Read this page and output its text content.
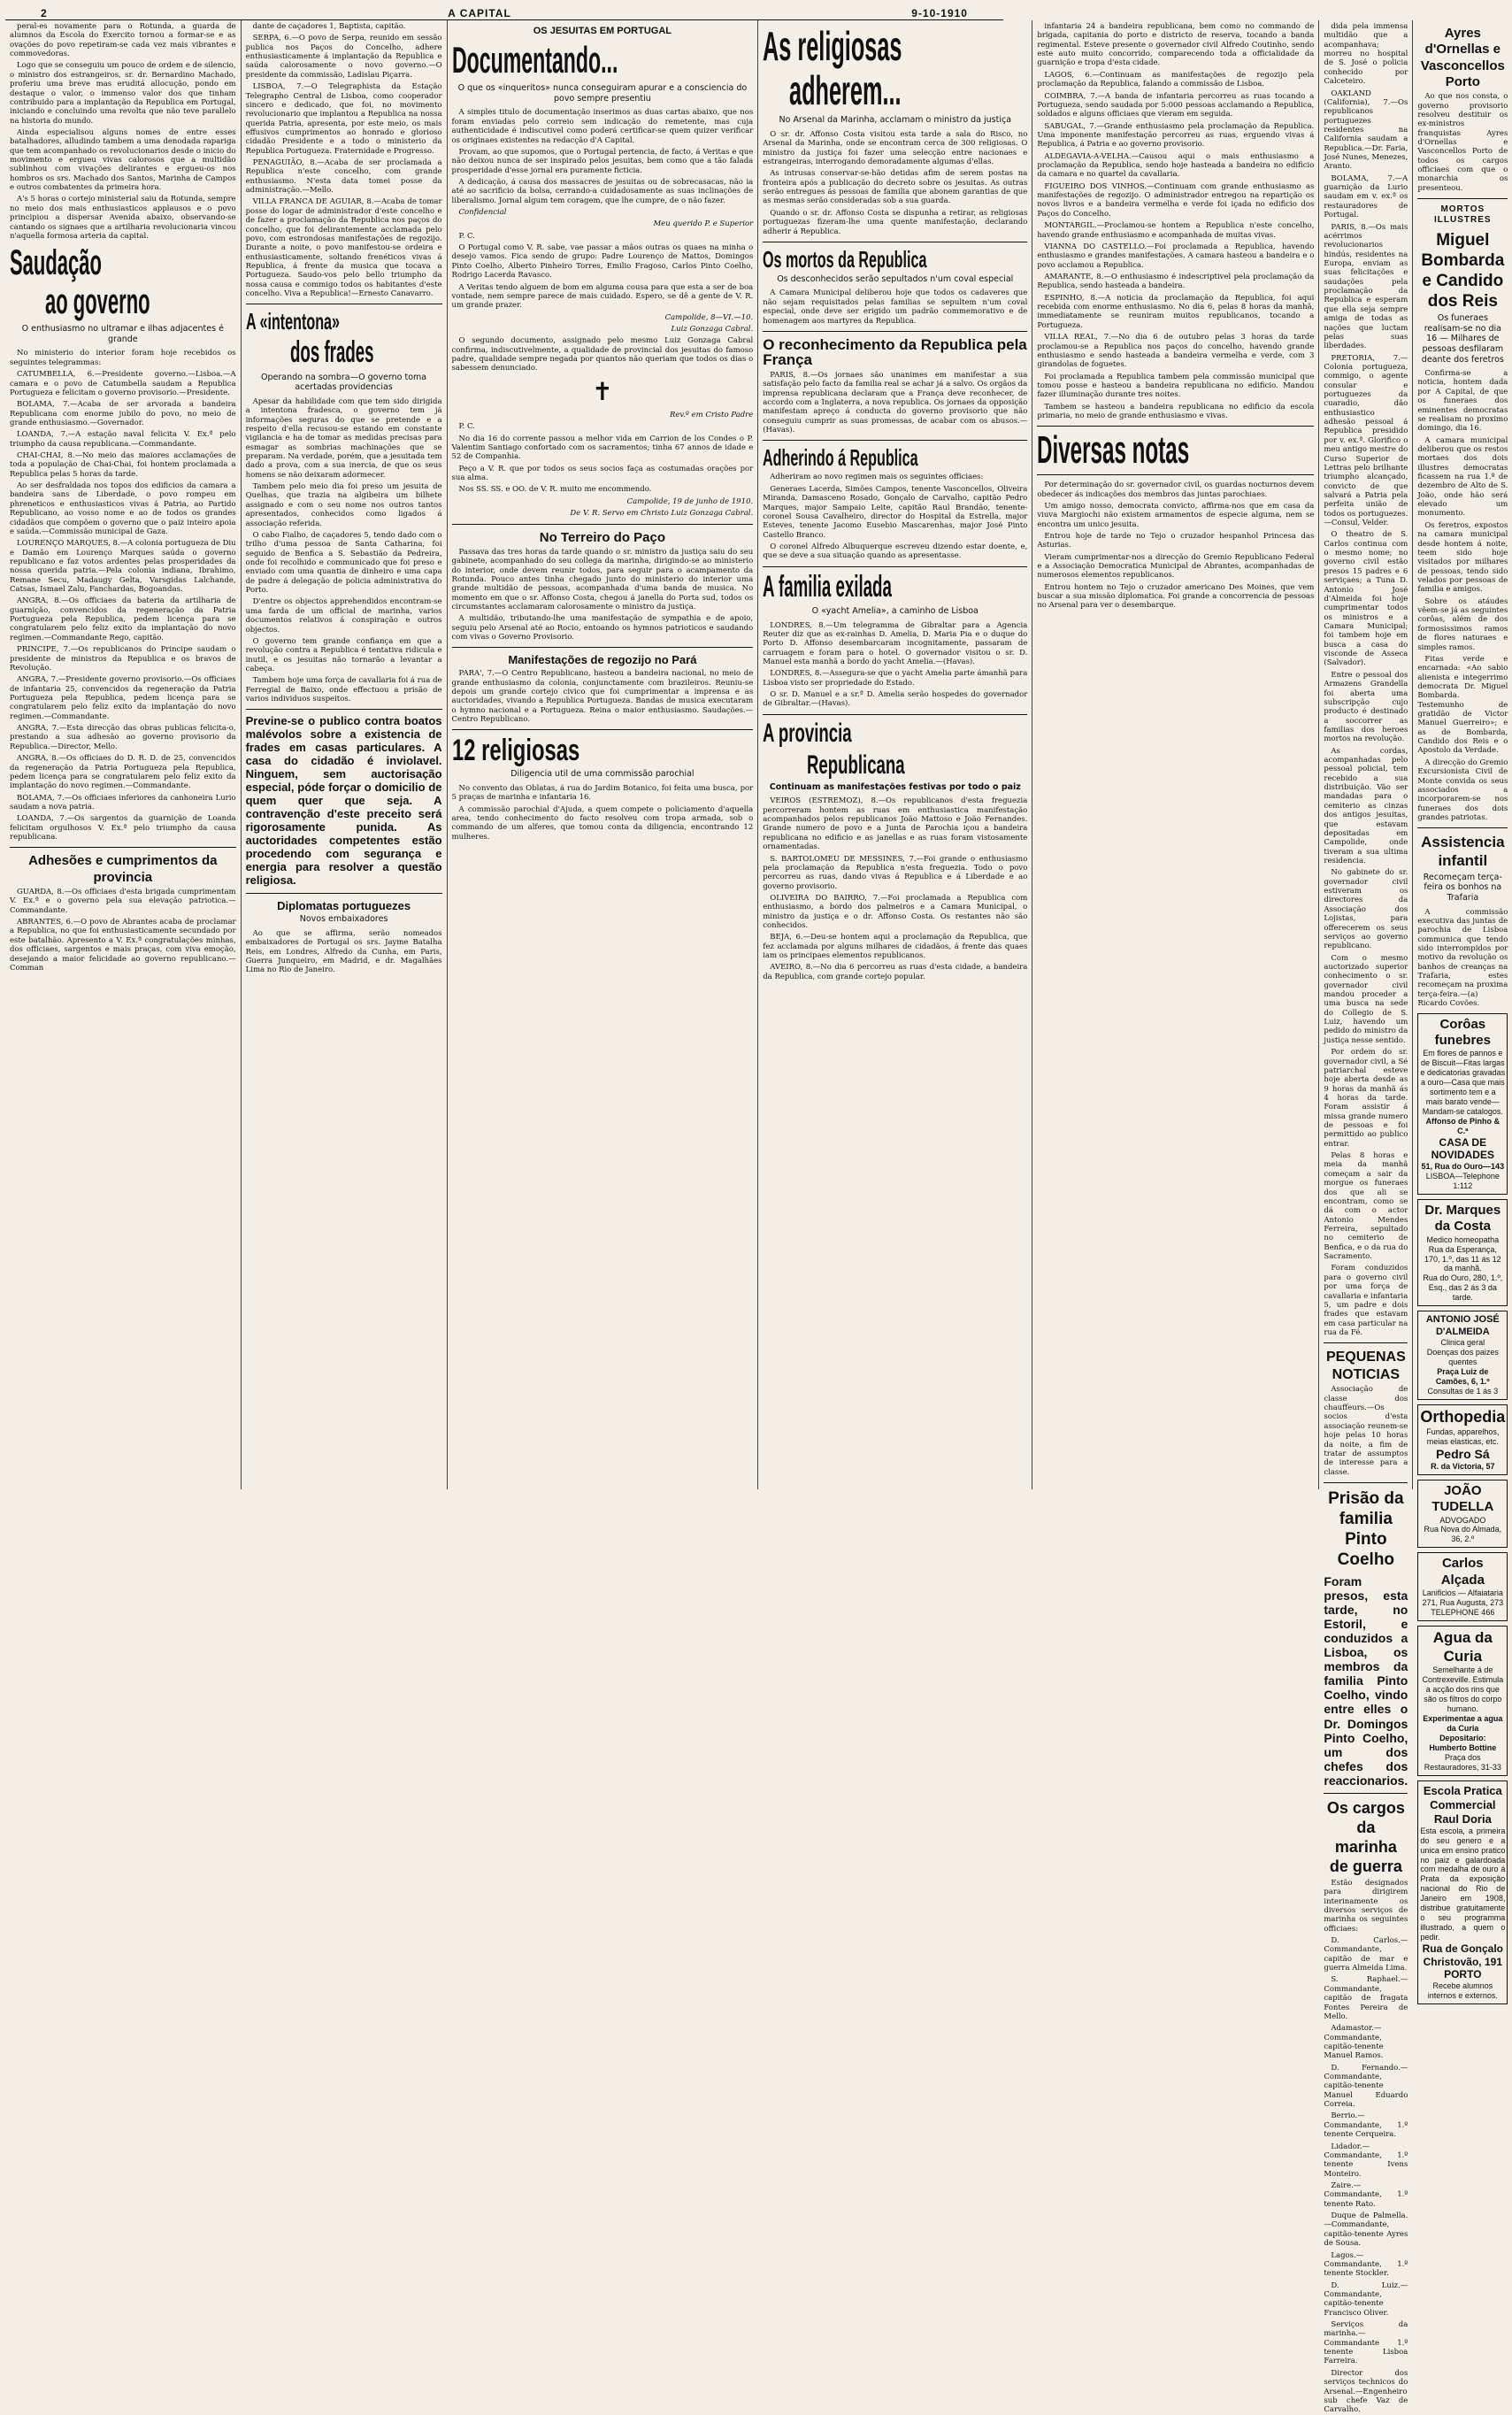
2	A CAPITAL	9-10-1910

peral-es novamente para o Rotunda, a guarda de alumnos da Escola do Exercito tornou a formar-se e as ovações do povo repetiram-se cada vez mais vibrantes e commovedoras.

Logo que se conseguiu um pouco de ordem e de silencio, o ministro dos estrangeiros, sr. dr. Bernardino Machado, proferiu uma breve mas eruditá allocução, pondo em destaque o valor, o immenso valor dos que tinham contribuido para a implantação da Republica em Portugal, iniciando e concluindo uma revolta que não teve parallelo na historia do mundo.

Ainda especialisou alguns nomes de entre esses batalhadores, alludindo tambem a uma denodada rapariga que tem acompanhado os revolucionarios desde o inicio do movimento e ergueu vivas calorosos que a multidão sublinhou com vivações delirantes e ergueu-os nos hombros os srs. Machado dos Santos, Marinha de Campos e outros combatentes da primeira hora.

A's 5 horas o cortejo ministerial saiu da Rotunda, sempre no meio dos mais enthusiasticos applausos e o povo principiou a dispersar Avenida abaixo, observando-se cantando os signaes que a artilharia revolucionaria vincou n'aquella formosa arteria da capital.

Saudação
ao governo
O enthusiasmo no ultramar e ilhas adjacentes é grande

No ministerio do interior foram hoje recebidos os seguintes telegrammas:

CATUMBELLA, 6.—Presidente governo.—Lisboa.—A camara e o povo de Catumbella saudam a Republica Portugueza e felicitam o governo provisorio.—Presidente.

BOLAMA, 7.—Acaba de ser arvorada a bandeira Republicana com enorme jubilo do povo, no meio de grande enthusiasmo.—Governador.

LOANDA, 7.—A estação naval felicita V. Ex.ª pelo triumpho da causa republicana.—Commandante.

CHAI-CHAI, 8.—No meio das maiores acclamações de toda a população de Chai-Chai, foi hontem proclamada a Republica pelas 5 horas da tarde.

Ao ser desfraldada nos topos dos edificios da camara a bandeira sans de Liberdade, o povo rompeu em phreneticos e enthusiasticos vivas á Patria, ao Partido Republicano, ao vosso nome e ao de todos os grandes cidadãos que compõem o governo que o paiz inteiro apoia e saúda.—Commissão municipal de Gaza.

LOURENÇO MARQUES, 8.—A colonia portugueza de Diu e Damão em Lourenço Marques saúda o governo republicano e faz votos ardentes pelas prosperidades da nossa querida patria.—Pela colonia indiana, Ibrahimo, Remane Secu, Madaugy Gelta, Varsgidas Lalchande, Catsas, Ismael Zalu, Fanchardas, Bogoandas.

ANGRA, 8.—Os officiaes da bateria da artilharia de guarnição, convencidos da regeneração da Patria Portugueza pela Republica, pedem licença para se congratularem pelo feliz exito da implantação do novo regimen.—Commandante Rego, capitão.

PRINCIPE, 7.—Os republicanos do Principe saudam o presidente de ministros da Republica e os bravos de Revolução.

ANGRA, 7.—Presidente governo provisorio.—Os officiaes de infantaria 25, convencidos da regeneração da Patria Portugueza pela Republica, pedem licença para se congratularem pelo feliz exito da implantação do novo regimen.—Commandante.

ANGRA, 7.—Esta direcção das obras publicas felicita-o, prestando a sua adhesão ao governo provisorio da Republica.—Director, Mello.

ANGRA, 8.—Os officiaes do D. R. D. de 25, convencidos da regeneração da Patria Portugueza pela Republica, pedem licença para se congratularem pelo feliz exito da implantação do novo regimen.—Commandante.

BOLAMA, 7.—Os officiaes inferiores da canhoneira Lurio saudam a nova patria.

LOANDA, 7.—Os sargentos da guarnição de Loanda felicitam orgulhosos V. Ex.ª pelo triumpho da causa republicana.

Adhesões e cumprimentos da provincia

GUARDA, 8.—Os officiaes d'esta brigada cumprimentam V. Ex.ª e o governo pela sua elevação patriotica.—Commandante.

ABRANTES, 6.—O povo de Abrantes acaba de proclamar a Republica, no que foi enthusiasticamente secundado por este batalhão. Apresento a V. Ex.ª congratulações minhas, dos officiaes, sargentos e mais praças, com viva emoção, desejando a maior felicidade ao governo republicano.—Comman

dante de caçadores 1, Baptista, capitão.

SERPA, 6.—O povo de Serpa, reunido em sessão publica nos Paços do Concelho, adhere enthusiasticamente á implantação da Republica e saúda calorosamente o novo governo.—O presidente da commissão, Ladislau Piçarra.

LISBOA, 7.—O Telegraphista da Estação Telegrapho Central de Lisboa, como cooperador sincero e dedicado, que foi, no movimento revolucionario que implantou a Republica na nossa querida Patria, apresenta, por este meio, os mais effusivos cumprimentos ao honrado e glorioso cidadão Presidente e a todo o ministerio da Republica Portugueza. Fraternidade e Progresso.

PENAGUIÃO, 8.—Acaba de ser proclamada a Republica n'este concelho, com grande enthusiasmo. N'esta data tomei posse da administração.—Mello.

VILLA FRANCA DE AGUIAR, 8.—Acaba de tomar posse do logar de administrador d'este concelho e de fazer a proclamação da Republica nos paços do concelho, que foi delirantemente acclamada pelo povo, com estrondosas manifestações de regozijo. Durante a noite, o povo manifestou-se ordeira e enthusiasticamente, soltando frenéticos vivas á Republica, á frente da musica que tocava a Portugueza. Saudo-vos pelo bello triumpho da nossa causa e commigo todos os habitantes d'este concelho. Viva a Republica!—Ernesto Canavarro.

A «intentona»
dos frades
Operando na sombra—O governo toma acertadas providencias

Apesar da habilidade com que tem sido dirigida a intentona fradesca, o governo tem já informações seguras do que se pretende e a respeito d'ella recusou-se estando em constante vigilancia e ha de tomar as medidas precisas para esmagar as sombrias machinações que se preparam. Na verdade, porém, que a jesuitada tem dado a prova, com a sua inercia, de que os seus homens se não deixaram adormecer.

Tambem pelo meio dia foi preso um jesuita de Quelhas, que trazia na algibeira um bilhete assignado e com o seu nome nos outros tantos apresentados, conhecidos como ligados á associação referida.

O cabo Fialho, de caçadores 5, tendo dado com o trilho d'uma pessoa de Santa Catharina, foi seguido de Benfica a S. Sebastião da Pedreira, onde foi recolhido e communicado que foi preso e enviado com uma quantia de dinheiro e uma capa de padre á delegação de policia administrativa do Porto.

D'entre os objectos apprehendidos encontram-se uma farda de um official de marinha, varios documentos relativos á conspiração e outros objectos.

O governo tem grande confiança em que a revolução contra a Republica é tentativa ridicula e inutil, e os jesuitas não tornarão a levantar a cabeça.

Tambem hoje uma força de cavallaria foi á rua de Ferregial de Baixo, onde effectuou a prisão de varios individuos suspeitos.

Previne-se o publico contra boatos malévolos sobre a existencia de frades em casas particulares. A casa do cidadão é inviolavel. Ninguem, sem auctorisação especial, póde forçar o domicilio de quem quer que seja. A contravenção d'este preceito será rigorosamente punida. As auctoridades competentes estão procedendo com segurança e energia para resolver a questão religiosa.
Diplomatas portuguezes
Novos embaixadores

Ao que se affirma, serão nomeados embaixadores de Portugal os srs. Jayme Batalha Reis, em Londres, Alfredo da Cunha, em Paris, Guerra Junqueiro, em Madrid, e dr. Magalhães Lima no Rio de Janeiro.

OS JESUITAS EM PORTUGAL
Documentando...
O que os «inqueritos» nunca conseguiram apurar e a consciencia do povo sempre presentiu

A simples titulo de documentação inserimos as duas cartas abaixo, que nos foram enviadas pelo correio sem indicação do remetente, mas cuja authenticidade é indiscutivel como poderá certificar-se quem quizer verificar os originaes existentes na redacção d'A Capital.

Provam, ao que supomos, que o Portugal pertencia, de facto, á Veritas e que não deixou nunca de ser inspirado pelos jesuitas, bem como que a tão falada prosperidade d'esse jornal era puramente ficticia.

A dedicação, á causa dos massacres de jesuitas ou de sobrecasacas, não ia até ao sacrificio da bolsa, cerrando-a cuidadosamente as suas inclinações de liberalismo. Jornal algum tem coragem, que lhe cumpre, de o não fazer.

Confidencial

Meu querido P. e Superior

P. C.

O Portugal como V. R. sabe, vae passar a mãos outras os quaes na minha o desejo vamos. Fica sendo de grupo: Padre Lourenço de Mattos, Domingos Pinto Coelho, Alberto Pinheiro Torres, Emilio Fragoso, Carlos Pinto Coelho, Rodrigo Lacerda Ravasco.

A Veritas tendo alguem de bom em alguma cousa para que esta a ser de boa vontade, nem sempre parece de mais cuidado. Espero, se dê a gente de V. R. um grande prazer.

Campolide, 8—VI.—10.

Luiz Gonzaga Cabral.

O segundo documento, assignado pelo mesmo Luiz Gonzaga Cabral confirma, indiscutivelmente, a qualidade de provincial dos jesuitas do famoso padre, qualidade sempre negada por quantos não queriam que todos os dias o sabessem denunciado.

✝

Rev.º em Cristo Padre

P. C.

No dia 16 do corrente passou a melhor vida em Carrion de los Condes o P. Valentim Santiago confortado com os sacramentos; tinha 67 annos de idade e 52 de Companhia.

Peço a V. R. que por todos os seus socios faça as costumadas orações por sua alma.

Nos SS. SS. e OO. de V. R. muito me encommendo.

Campolide, 19 de junho de 1910.

De V. R. Servo em Christo Luiz Gonzaga Cabral.

No Terreiro do Paço

Passava das tres horas da tarde quando o sr. ministro da justiça saiu do seu gabinete, acompanhado do seu collega da marinha, dirigindo-se ao ministerio do interior, onde devem reunir todos, para seguir para o acampamento da Rotunda. Pouco antes tinha chegado junto do ministerio do interior uma grande multidão de pessoas, acompanhada d'uma banda de musica. No momento em que o sr. Affonso Costa, chegou á janella do Porta sud, todos os circumstantes acclamaram calorosamente o ministro da justiça.

A multidão, tributando-lhe uma manifestação de sympathia e de apoio, seguiu pelo Arsenal até ao Rocio, entoando os hymnos patrioticos e saudando com vivas o Governo Provisorio.

Manifestações de regozijo no Pará

PARA', 7.—O Centro Republicano, hasteou a bandeira nacional, no meio de grande enthusiasmo da colonia, conjunctamente com brazileiros. Reuniu-se depois um grande cortejo civico que foi cumprimentar a imprensa e as auctoridades, vivando a Republica Portugueza. Bandas de musica executaram o hymno nacional e a Portugueza. Reina o maior enthusiasmo. Saudações.—Centro Republicano.

12 religiosas
Diligencia util de uma commissão parochial

No convento das Oblatas, á rua do Jardim Botanico, foi feita uma busca, por 5 praças de marinha e infantaria 16.

A commissão parochial d'Ajuda, a quem compete o policiamento d'aquella area, tendo conhecimento do facto resolveu com tropa armada, sob o commando de um alferes, que tomou conta da diligencia, encontrando 12 mulheres.

As religiosas
adherem...
No Arsenal da Marinha, acclamam o ministro da justiça

O sr. dr. Affonso Costa visitou esta tarde a sala do Risco, no Arsenal da Marinha, onde se encontram cerca de 300 religiosas. O ministro da justiça foi fazer uma selecção entre nacionaes e estrangeiras, interrogando demoradamente algumas d'ellas.

As intrusas conservar-se-hão detidas afim de serem postas na fronteira após a publicação do decreto sobre os jesuitas. As outras serão entregues ás pessoas de familia que abonem garantias de que as mesmas serão consideradas sob a sua guarda.

Quando o sr. dr. Affonso Costa se dispunha a retirar, as religiosas portuguezas fizeram-lhe uma quente manifestação, declarando adherir á Republica.

Os mortos da Republica
Os desconhecidos serão sepultados n'um coval especial

A Camara Municipal deliberou hoje que todos os cadaveres que não sejam requisitados pelas familias se sepultem n'um coval especial, onde deve ser erigido um padrão commemorativo e de homenagem aos martyres da Republica.

O reconhecimento da Republica pela França

PARIS, 8.—Os jornaes são unanimes em manifestar a sua satisfação pelo facto da familia real se achar já a salvo. Os orgãos da imprensa republicana declaram que a França deve reconhecer, de accordo com a Inglaterra, a nova republica. Os jornaes da opposição manifestam apreço á conducta do governo provisorio que não conseguiu cumprir as suas promessas, de acabar com os abusos.—(Havas).

Adherindo á Republica

Adheriram ao novo regimen mais os seguintes officiaes:

Generaes Lacerda, Simões Campos, tenente Vasconcellos, Oliveira Miranda, Damasceno Rosado, Gonçalo de Carvalho, capitão Pedro Marques, major Sampaio Leite, capitão Raul Brandão, tenente-coronel Sousa Cavalheiro, director do Hospital da Estrella, major Esteves, tenente Jacomo Eusebio Mascarenhas, major José Pinto Castello Branco.

O coronel Alfredo Albuquerque escreveu dizendo estar doente, e, que se deve a sua situação quando as apresentasse.

A familia exilada
O «yacht Amelia», a caminho de Lisboa

LONDRES, 8.—Um telegramma de Gibraltar para a Agencia Reuter diz que as ex-rainhas D. Amelia, D. Maria Pia e o duque do Porto D. Affonso desembarcaram incognitamente, passaram de carruagem e foram para o hotel. O governador visitou o sr. D. Manuel esta manhã a bordo do yacht Amelia.—(Havas).

LONDRES, 8.—Assegura-se que o yacht Amelia parte ámanhã para Lisboa visto ser propriedade do Estado.

O sr. D. Manuel e a sr.ª D. Amelia serão hospedes do governador de Gibraltar.—(Havas).

A provincia
Republicana
Continuam as manifestações festivas por todo o paiz

VEIROS (ESTREMOZ), 8.—Os republicanos d'esta freguezia percorreram hontem as ruas em enthusiastica manifestação acompanhados pelos republicanos João Mattoso e João Fernandes. Grande numero de povo e a Junta de Parochia içou a bandeira republicana no edificio e as janellas e as ruas foram vistosamente ornamentadas.

S. BARTOLOMEU DE MESSINES, 7.—Foi grande o enthusiasmo pela proclamação da Republica n'esta freguezia. Todo o povo percorreu as ruas, dando vivas á Republica e á Liberdade e ao governo provisorio.

OLIVEIRA DO BAIRRO, 7.—Foi proclamada a Republica com enthusiasmo, a bordo dos palmeiros e a Camara Municipal, o ministro da justiça e o dr. Affonso Costa. Os restantes não são conhecidos.

BEJA, 6.—Deu-se hontem aqui a proclamação da Republica, que fez acclamada por alguns milhares de cidadãos, á frente das quaes iam os principaes elementos republicanos.

AVEIRO, 8.—No dia 6 percorreu as ruas d'esta cidade, a bandeira da Republica, com grande cortejo popular.

infantaria 24 a bandeira republicana, bem como no commando de brigada, capitania do porto e districto de reserva, tocando a banda regimental. Esteve presente o governador civil Alfredo Coutinho, sendo este auto muito concorrido, comparecendo toda a officialidade da guarnição e tropa d'esta cidade.

LAGOS, 6.—Continuam as manifestações de regozijo pela proclamação da Republica, falando a commissão de Lisboa.

COIMBRA, 7.—A banda de infantaria percorreu as ruas tocando a Portugueza, sendo saudada por 5:000 pessoas acclamando a Republica, soldados e alguns officiaes que vieram em seguida.

SABUGAL, 7.—Grande enthusiasmo pela proclamação da Republica. Uma imponente manifestação percorreu as ruas, erguendo vivas á Republica, á Patria e ao governo provisorio.

ALDEGAVIA-A-VELHA.—Causou aqui o mais enthusiasmo a proclamação da Republica, sendo hoje hasteada a bandeira no edificio da camara e no quartel da cavallaria.

FIGUEIRO DOS VINHOS.—Continuam com grande enthusiasmo as manifestações de regozijo. O administrador entregou na repartição os novos livros e a bandeira vermelha e verde foi içada no edificio dos Paços do Concelho.

MONTARGIL.—Proclamou-se hontem a Republica n'este concelho, havendo grande enthusiasmo e acompanhada de muitas vivas.

VIANNA DO CASTELLO.—Foi proclamada a Republica, havendo enthusiasmo e grandes manifestações. A camara hasteou a bandeira e o povo acclamou a Republica.

AMARANTE, 8.—O enthusiasmo é indescriptivel pela proclamação da Republica, sendo hasteada a bandeira.

ESPINHO, 8.—A noticia da proclamação da Republica, foi aqui recebida com enorme enthusiasmo. No dia 6, pelas 8 horas da manhã, immediatamente se reuniram muitos republicanos, tocando a Portugueza.

VILLA REAL, 7.—No dia 6 de outubro pelas 3 horas da tarde proclamou-se a Republica nos paços do concelho, havendo grande enthusiasmo e sendo hasteada a bandeira vermelha e verde, com 3 girandolas de foguetes.

Foi proclamada a Republica tambem pela commissão municipal que tomou posse e hasteou a bandeira republicana no edificio. Mandou fazer illuminação durante tres noites.

Tambem se hasteou a bandeira republicana no edificio da escola primaria, no meio de grande enthusiasmo e vivas.

Diversas notas

Por determinação do sr. governador civil, os guardas nocturnos devem obedecer ás indicações dos membros das juntas parochiaes.

Um amigo nosso, democrata convicto, affirma-nos que em casa da viuva Margiochi não existem armamentos de especie alguma, nem se encontra um unico jesuita.

Entrou hoje de tarde no Tejo o cruzador hespanhol Princesa das Asturias.

Vieram cumprimentar-nos a direcção do Gremio Republicano Federal e a Associação Democratica Municipal de Abrantes, acompanhadas de numerosos elementos republicanos.

Entrou hontem no Tejo o cruzador americano Des Moines, que vem buscar a sua missão diplomatica. Foi grande a concorrencia de pessoas no Arsenal para ver o desembarque.

dida pela immensa multidão que a acompanhava; morreu no hospital de S. José o policia conhecido por Calceteiro.

OAKLAND (California), 7.—Os republicanos portuguezes residentes na California saudam a Republica.—Dr. Faria, José Nunes, Menezes, Aranto.

BOLAMA, 7.—A guarnição da Lurio saudam em v. ex.ª os restauradores de Portugal.

PARIS, 8.—Os mais acérrimos revolucionarios hindús, residentes na Europa, enviam as suas felicitações e saudações pela proclamação da Republica e esperam que ella seja sempre amiga de todas as nações que luctam pelas suas liberdades.

PRETORIA, 7.—Colonia portugueza, commigo, o agente consular e portuguezes da cuaradio, dão enthusiastico adhesão pessoal á Republica presidido por v. ex.ª. Glorifico o meu antigo mestre do Curso Superior de Lettras pelo brilhante triumpho alcançado, convicto de que salvará a Patria pela perfeita união de todos os portuguezes.—Consul, Velder.

O theatro de S. Carlos continua com o mesmo nome; no governo civil estão presos 15 padres e 6 serviçaes; a Tuna D. Antonio José d'Almeida foi hoje cumprimentar todos os ministros e a Camara Municipal; foi tambem hoje em busca a casa do visconde de Asseca (Salvador).

Entre o pessoal dos Armazens Grandella foi aberta uma subscripção cujo producto é destinado a soccorrer as familias dos heroes mortos na revolução.

As cordas, acompanhadas pelo pessoal policial, tem recebido a sua distribuição. Vão ser mandadas para o cemiterio as cinzas dos antigos jesuitas, que estavam depositadas em Campolide, onde tiveram a sua ultima residencia.

No gabinete do sr. governador civil estiveram os directores da Associação dos Lojistas, para offerecerem os seus serviços ao governo republicano.

Com o mesmo auctorizado superior conhecimento o sr. governador civil mandou proceder a uma busca na sede do Collegio de S. Luiz, havendo um pedido do ministro da justiça nesse sentido.

Por ordem do sr. governador civil, a Sé patriarchal esteve hoje aberta desde as 9 horas da manhã ás 4 horas da tarde. Foram assistir á missa grande numero de pessoas e foi permittido ao publico entrar.

Pelas 8 horas e meia da manhã começam a sair da morgue os funeraes dos que ali se encontram, como se dá com o actor Antonio Mendes Ferreira, sepultado no cemiterio de Benfica, e o da rua do Sacramento.

Foram conduzidos para o governo civil por uma força de cavallaria e infantaria 5, um padre e dois frades que estavam em casa particular na rua da Fé.

PEQUENAS NOTICIAS

Associação de classe dos chauffeurs.—Os socios d'esta associação reunem-se hoje pelas 10 horas da noite, a fim de tratar de assumptos de interesse para a classe.

Prisão da familia Pinto Coelho
Foram presos, esta tarde, no Estoril, e conduzidos a Lisboa, os membros da familia Pinto Coelho, vindo entre elles o Dr. Domingos Pinto Coelho, um dos chefes dos reaccionarios.
Os cargos da marinha de guerra

Estão designados para dirigirem interinamente os diversos serviços de marinha os seguintes officiaes:

D. Carlos.—Commandante, capitão de mar e guerra Almeida Lima.

S. Raphael.—Commandante, capitão de fragata Fontes Pereira de Mello.

Adamastor.—Commandante, capitão-tenente Manuel Ramos.

D. Fernando.—Commandante, capitão-tenente Manuel Eduardo Correia.

Berrio.—Commandante, 1.º tenente Cerqueira.

Lidador.—Commandante, 1.º tenente Ivens Monteiro.

Zaire.—Commandante, 1.º tenente Rato.

Duque de Palmella.—Commandante, capitão-tenente Ayres de Sousa.

Lagos.—Commandante, 1.º tenente Stockler.

D. Luiz.—Commandante, capitão-tenente Francisco Oliver.

Serviços da marinha.—Commandante 1.º tenente Lisboa Farreira.

Director dos serviços technicos do Arsenal.—Engenheiro sub chefe Vaz de Carvalho.

Ayres d'Ornellas e Vasconcellos Porto

Ao que nos consta, o governo provisorio resolveu destituir os ex-ministros franquistas Ayres d'Ornellas e Vasconcellos Porto de todos os cargos officiaes com que o monarchia os presenteou.

MORTOS ILLUSTRES
Miguel Bombarda e Candido dos Reis
Os funeraes realisam-se no dia 16 — Milhares de pessoas desfilaram deante dos feretros

Confirma-se a noticia, hontem dada por A Capital, de que os funeraes dos eminentes democratas se realisam no proximo domingo, dia 16.

A camara municipal deliberou que os restos mortaes dos dois illustres democratas ficassem na rua 1.º de dezembro de Alto de S. João, onde hão será elevado um monumento.

Os feretros, expostos na camara municipal desde hontem á noite, teem sido hoje visitados por milhares de pessoas, tendo sido velados por pessoas de familia e amigos.

Sobre os atáudes vêem-se já as seguintes corôas, além de dos formosissimos ramos de flores naturaes e simples ramos.

Fitas verde e encarnada: «Ao sabio alienista e integerrimo democrata Dr. Miguel Bombarda. Testemunho de gratidão de Victor Manuel Guerreiro»; e as de Bombarda, Candido dos Reis e o Apostolo da Verdade.

A direcção do Gremio Excursionista Civil de Monte convida os seus associados a incorporarem-se nos funeraes dos dois grandes patriotas.

Assistencia infantil
Recomeçam terça-feira os bonhos na Trafaria

A commissão executiva das juntas de parochia de Lisboa communica que tendo sido interrompidos por motivo da revolução os banhos de creanças na Trafaria, estes recomeçam na proxima terça-feira.—(a) Ricardo Covões.

Corôas funebres
Em flores de pannos e de Biscuit—Fitas largas e dedicatorias gravadas a ouro—Casa que mais sortimento tem e a mais barato vende—Mandam-se catalogos.
Affonso de Pinho & C.ª
CASA DE NOVIDADES
51, Rua do Ouro—143
LISBOA—Telephone 1:112
Dr. Marques da Costa
Medico homeopatha
Rua da Esperança, 170, 1.º, das 11 ás 12 da manhã.
Rua do Ouro, 280, 1.º, Esq., das 2 ás 3 da tarde.
ANTONIO JOSÉ D'ALMEIDA
Clinica geral
Doenças dos paizes quentes
Praça Luiz de Camões, 6, 1.º
Consultas de 1 ás 3
Orthopedia
Fundas, apparelhos, meias elasticas, etc.
Pedro Sá
R. da Victoria, 57
JOÃO TUDELLA
ADVOGADO
Rua Nova do Almada, 36, 2.º
Carlos Alçada
Lanificios — Alfaiataria
271, Rua Augusta, 273
TELEPHONE 466
Agua da Curia
Semelhante á de Contrexeville. Estimula a acção dos rins que são os filtros do corpo humano.
Experimentae a agua da Curia
Depositario: Humberto Bottine
Praça dos Restauradores, 31-33
Escola Pratica Commercial Raul Doria
Esta escola, a primeira do seu genero e a unica em ensino pratico no paiz e galardoada com medalha de ouro á Prata da exposição nacional do Rio de Janeiro em 1908, distribue gratuitamente o seu programma illustrado, a quem o pedir.
Rua de Gonçalo Christovão, 191
PORTO
Recebe alumnos internos e externos.
